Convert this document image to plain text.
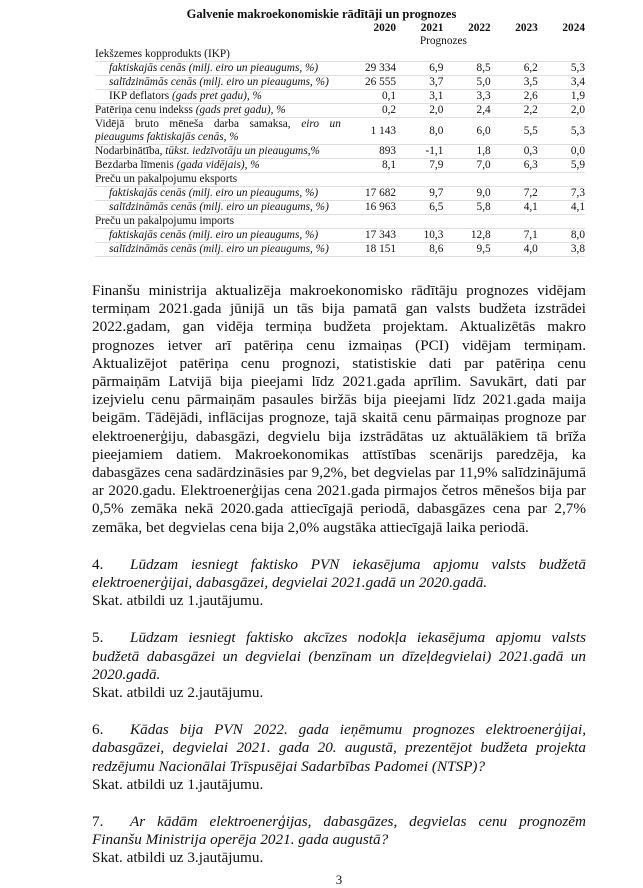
Galvenie makroekonomiskie rādītāji un prognozes
	2020	2021	2022	2023	2024
		Prognozes			
Iekšzemes kopprodukts (IKP)					
faktiskajās cenās (milj. eiro un pieaugums, %)	29 334	6,9	8,5	6,2	5,3
salīdzināmās cenās (milj. eiro un pieaugums, %)	26 555	3,7	5,0	3,5	3,4
IKP deflators (gads pret gadu), %	0,1	3,1	3,3	2,6	1,9
Patēriņa cenu indekss (gads pret gadu), %	0,2	2,0	2,4	2,2	2,0

Vidējā bruto mēneša darba samaksa, eiro un
pieaugums faktiskajās cenās, %	1 143	8,0	6,0	5,5	5,3
Nodarbinātība, tūkst. iedzīvotāju un pieaugums,%	893	-1,1	1,8	0,3	0,0
Bezdarba līmenis (gada vidējais), %	8,1	7,9	7,0	6,3	5,9
Preču un pakalpojumu eksports					
faktiskajās cenās (milj. eiro un pieaugums, %)	17 682	9,7	9,0	7,2	7,3
salīdzināmās cenās (milj. eiro un pieaugums, %)	16 963	6,5	5,8	4,1	4,1
Preču un pakalpojumu imports					
faktiskajās cenās (milj. eiro un pieaugums, %)	17 343	10,3	12,8	7,1	8,0
salīdzināmās cenās (milj. eiro un pieaugums, %)	18 151	8,6	9,5	4,0	3,8
Finanšu ministrija aktualizēja makroekonomisko rādītāju prognozes vidējam termiņam 2021.gada jūnijā un tās bija pamatā gan valsts budžeta izstrādei 2022.gadam, gan vidēja termiņa budžeta projektam. Aktualizētās makro prognozes ietver arī patēriņa cenu izmaiņas (PCI) vidējam termiņam. Aktualizējot patēriņa cenu prognozi, statistiskie dati par patēriņa cenu pārmaiņām Latvijā bija pieejami līdz 2021.gada aprīlim. Savukārt, dati par izejvielu cenu pārmaiņām pasaules biržās bija pieejami līdz 2021.gada maija beigām. Tādējādi, inflācijas prognoze, tajā skaitā cenu pārmaiņas prognoze par elektroenerģiju, dabasgāzi, degvielu bija izstrādātas uz aktuālākiem tā brīža pieejamiem datiem. Makroekonomikas attīstības scenārijs paredzēja, ka dabasgāzes cena sadārdzināsies par 9,2%, bet degvielas par 11,9% salīdzinājumā ar 2020.gadu. Elektroenerģijas cena 2021.gada pirmajos četros mēnešos bija par 0,5% zemāka nekā 2020.gada attiecīgajā periodā, dabasgāzes cena par 2,7% zemāka, bet degvielas cena bija 2,0% augstāka attiecīgajā laika periodā.
4. Lūdzam iesniegt faktisko PVN iekasējuma apjomu valsts budžetā elektroenerģijai, dabasgāzei, degvielai 2021.gadā un 2020.gadā.
Skat. atbildi uz 1.jautājumu.
5. Lūdzam iesniegt faktisko akcīzes nodokļa iekasējuma apjomu valsts budžetā dabasgāzei un degvielai (benzīnam un dīzeļdegvielai) 2021.gadā un 2020.gadā.
Skat. atbildi uz 2.jautājumu.
6. Kādas bija PVN 2022. gada ieņēmumu prognozes elektroenerģijai, dabasgāzei, degvielai 2021. gada 20. augustā, prezentējot budžeta projekta redzējumu Nacionālai Trīspusējai Sadarbības Padomei (NTSP)?
Skat. atbildi uz 1.jautājumu.
7. Ar kādām elektroenerģijas, dabasgāzes, degvielas cenu prognozēm Finanšu Ministrija operēja 2021. gada augustā?
Skat. atbildi uz 3.jautājumu.
3
